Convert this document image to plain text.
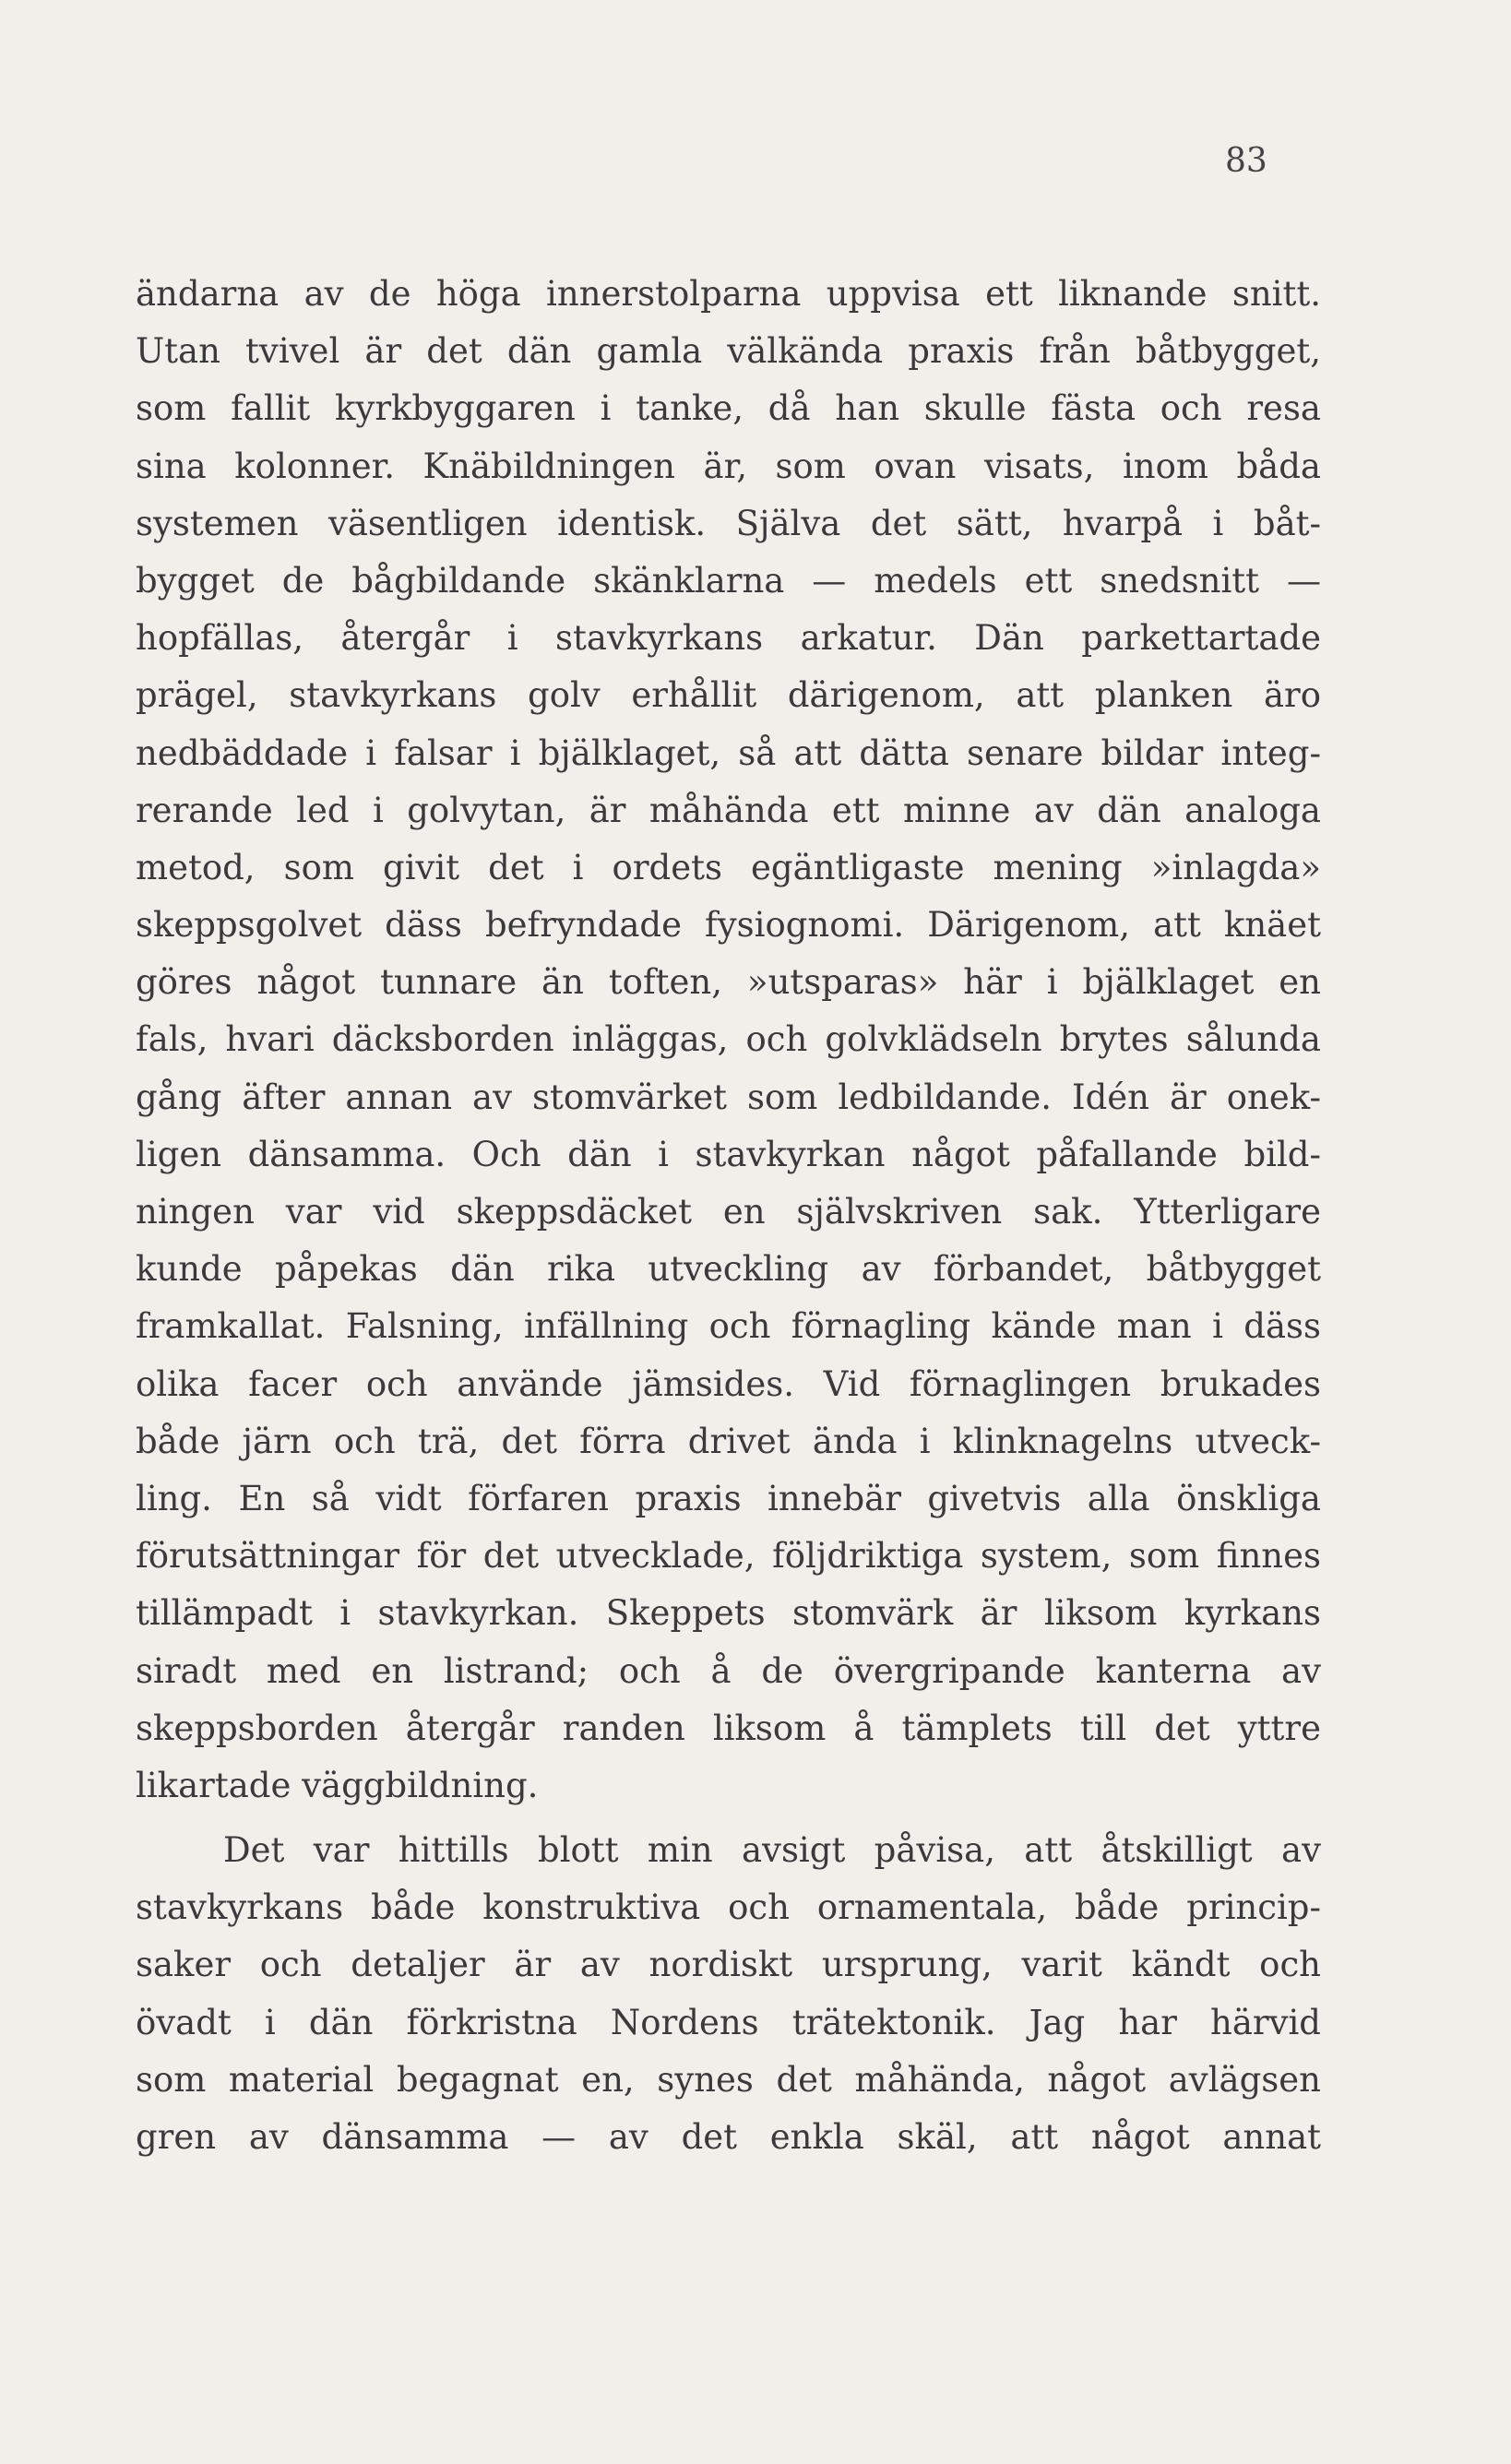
83
ändarna av de höga innerstolparna uppvisa ett liknande snitt.
Utan tvivel är det dän gamla välkända praxis från båtbygget,
som fallit kyrkbyggaren i tanke, då han skulle fästa och resa
sina kolonner. Knäbildningen är, som ovan visats, inom båda
systemen väsentligen identisk. Själva det sätt, hvarpå i båt-
bygget de bågbildande skänklarna — medels ett snedsnitt —
hopfällas, återgår i stavkyrkans arkatur. Dän parkettartade
prägel, stavkyrkans golv erhållit därigenom, att planken äro
nedbäddade i falsar i bjälklaget, så att dätta senare bildar integ-
rerande led i golvytan, är måhända ett minne av dän analoga
metod, som givit det i ordets egäntligaste mening »inlagda»
skeppsgolvet däss befryndade fysiognomi. Därigenom, att knäet
göres något tunnare än toften, »utsparas» här i bjälklaget en
fals, hvari däcksborden inläggas, och golvklädseln brytes sålunda
gång äfter annan av stomvärket som ledbildande. Idén är onek-
ligen dänsamma. Och dän i stavkyrkan något påfallande bild-
ningen var vid skeppsdäcket en självskriven sak. Ytterligare
kunde påpekas dän rika utveckling av förbandet, båtbygget
framkallat. Falsning, infällning och förnagling kände man i däss
olika facer och använde jämsides. Vid förnaglingen brukades
både järn och trä, det förra drivet ända i klinknagelns utveck-
ling. En så vidt förfaren praxis innebär givetvis alla önskliga
förutsättningar för det utvecklade, följdriktiga system, som finnes
tillämpadt i stavkyrkan. Skeppets stomvärk är liksom kyrkans
siradt med en listrand; och å de övergripande kanterna av
skeppsborden återgår randen liksom å tämplets till det yttre
likartade väggbildning.
Det var hittills blott min avsigt påvisa, att åtskilligt av
stavkyrkans både konstruktiva och ornamentala, både princip-
saker och detaljer är av nordiskt ursprung, varit kändt och
övadt i dän förkristna Nordens trätektonik. Jag har härvid
som material begagnat en, synes det måhända, något avlägsen
gren av dänsamma — av det enkla skäl, att något annat
